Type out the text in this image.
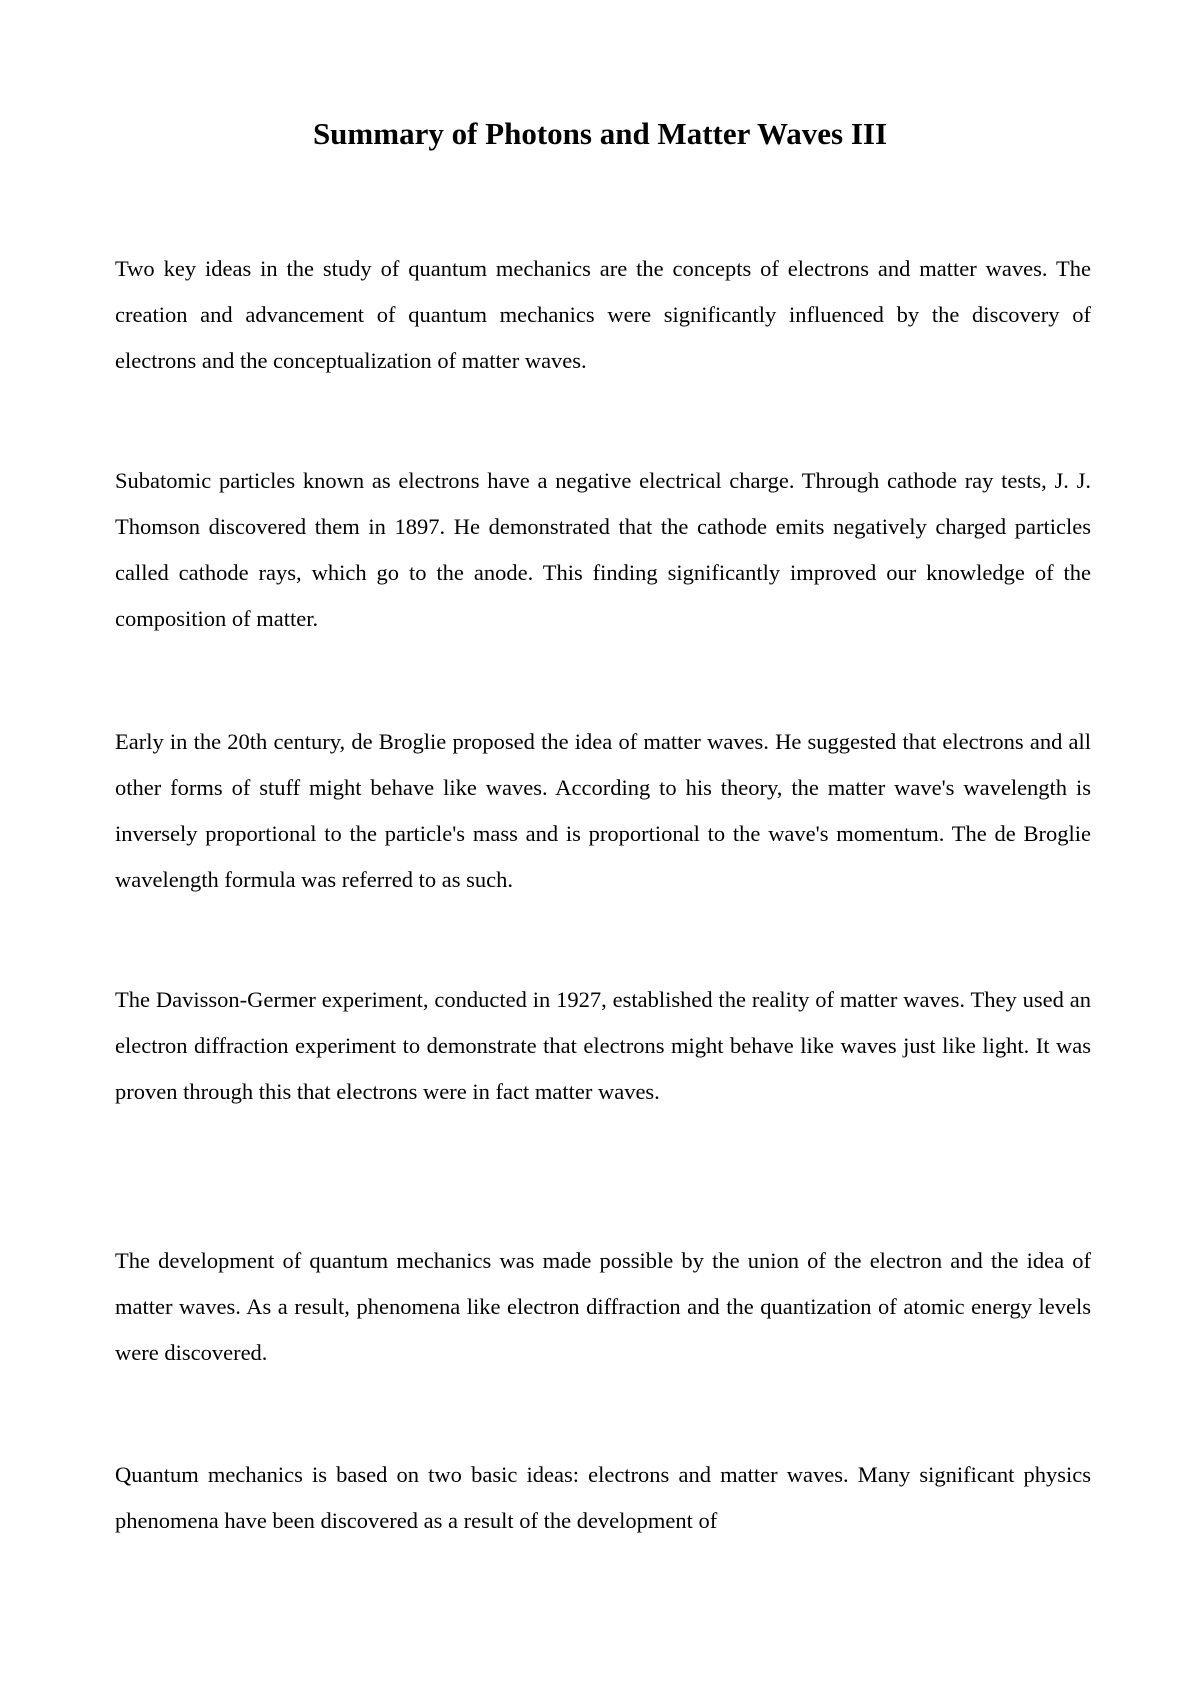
Summary of Photons and Matter Waves III

Two key ideas in the study of quantum mechanics are the concepts of electrons and matter waves. The creation and advancement of quantum mechanics were significantly influenced by the discovery of electrons and the conceptualization of matter waves.

Subatomic particles known as electrons have a negative electrical charge. Through cathode ray tests, J. J. Thomson discovered them in 1897. He demonstrated that the cathode emits negatively charged particles called cathode rays, which go to the anode. This finding significantly improved our knowledge of the composition of matter.

Early in the 20th century, de Broglie proposed the idea of matter waves. He suggested that electrons and all other forms of stuff might behave like waves. According to his theory, the matter wave's wavelength is inversely proportional to the particle's mass and is proportional to the wave's momentum. The de Broglie wavelength formula was referred to as such.

The Davisson-Germer experiment, conducted in 1927, established the reality of matter waves. They used an electron diffraction experiment to demonstrate that electrons might behave like waves just like light. It was proven through this that electrons were in fact matter waves.

The development of quantum mechanics was made possible by the union of the electron and the idea of matter waves. As a result, phenomena like electron diffraction and the quantization of atomic energy levels were discovered.

Quantum mechanics is based on two basic ideas: electrons and matter waves. Many significant physics phenomena have been discovered as a result of the development of
